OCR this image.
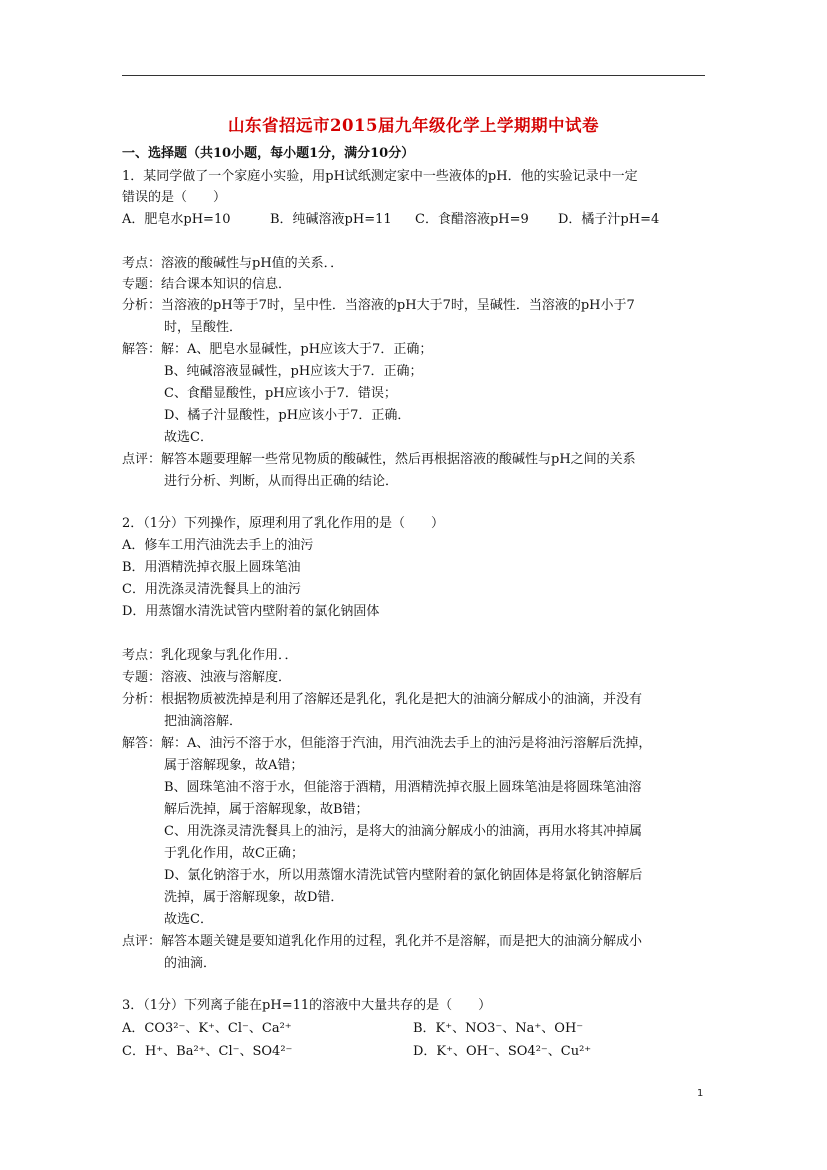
山东省招远市2015届九年级化学上学期期中试卷
一、选择题（共10小题，每小题1分，满分10分）
1．某同学做了一个家庭小实验，用pH试纸测定家中一些液体的pH．他的实验记录中一定
错误的是（　　）
A．肥皂水pH=10	B．纯碱溶液pH=11 C．食醋溶液pH=9 D．橘子汁pH=4
考点：溶液的酸碱性与pH值的关系．．
专题：结合课本知识的信息．
分析：当溶液的pH等于7时，呈中性．当溶液的pH大于7时，呈碱性．当溶液的pH小于7
时，呈酸性．
解答：解：A、肥皂水显碱性，pH应该大于7．正确；
B、纯碱溶液显碱性，pH应该大于7．正确；
C、食醋显酸性，pH应该小于7．错误；
D、橘子汁显酸性，pH应该小于7．正确．
故选C．
点评：解答本题要理解一些常见物质的酸碱性，然后再根据溶液的酸碱性与pH之间的关系
进行分析、判断，从而得出正确的结论．
2．（1分）下列操作，原理利用了乳化作用的是（　　）
A．修车工用汽油洗去手上的油污
B．用酒精洗掉衣服上圆珠笔油
C．用洗涤灵清洗餐具上的油污
D．用蒸馏水清洗试管内壁附着的氯化钠固体
考点：乳化现象与乳化作用．．
专题：溶液、浊液与溶解度．
分析：根据物质被洗掉是利用了溶解还是乳化，乳化是把大的油滴分解成小的油滴，并没有
把油滴溶解．
解答：解：A、油污不溶于水，但能溶于汽油，用汽油洗去手上的油污是将油污溶解后洗掉，
属于溶解现象，故A错；
B、圆珠笔油不溶于水，但能溶于酒精，用酒精洗掉衣服上圆珠笔油是将圆珠笔油溶
解后洗掉，属于溶解现象，故B错；
C、用洗涤灵清洗餐具上的油污，是将大的油滴分解成小的油滴，再用水将其冲掉属
于乳化作用，故C正确；
D、氯化钠溶于水，所以用蒸馏水清洗试管内壁附着的氯化钠固体是将氯化钠溶解后
洗掉，属于溶解现象，故D错．
故选C．
点评：解答本题关键是要知道乳化作用的过程，乳化并不是溶解，而是把大的油滴分解成小
的油滴．
3．（1分）下列离子能在pH=11的溶液中大量共存的是（　　）
A．CO3²⁻、K⁺、Cl⁻、Ca²⁺	B．K⁺、NO3⁻、Na⁺、OH⁻
C．H⁺、Ba²⁺、Cl⁻、SO4²⁻	D．K⁺、OH⁻、SO4²⁻、Cu²⁺
1
